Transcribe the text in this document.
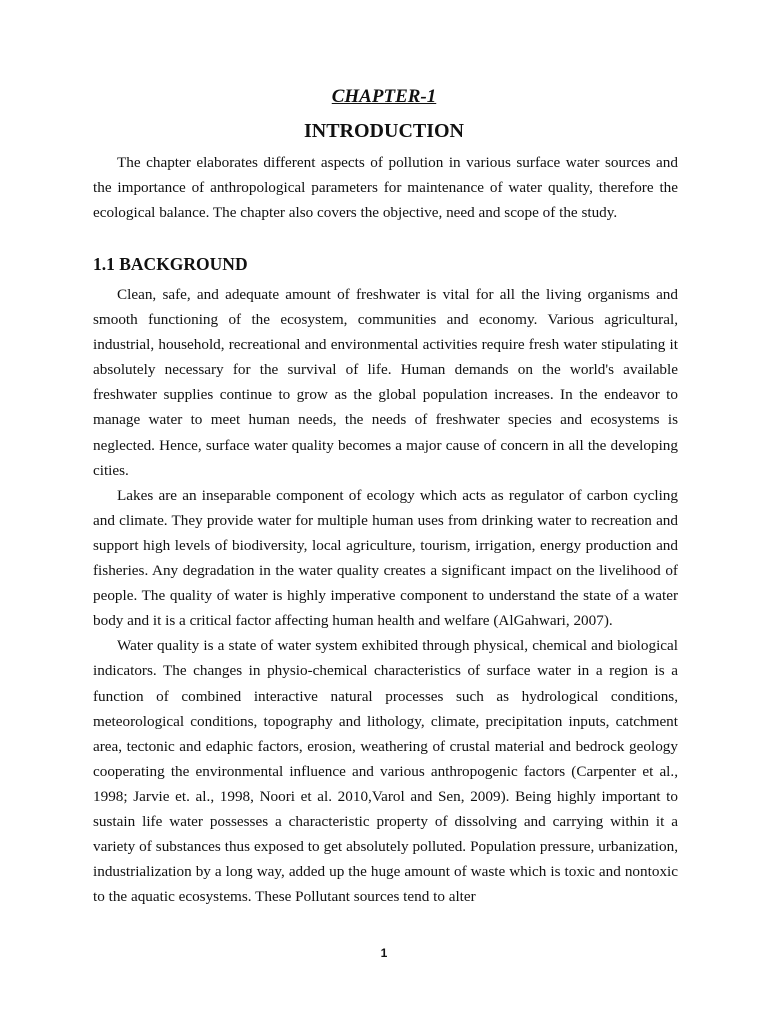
CHAPTER-1
INTRODUCTION

The chapter elaborates different aspects of pollution in various surface water sources and the importance of anthropological parameters for maintenance of water quality, therefore the ecological balance. The chapter also covers the objective, need and scope of the study.

1.1 BACKGROUND

Clean, safe, and adequate amount of freshwater is vital for all the living organisms and smooth functioning of the ecosystem, communities and economy. Various agricultural, industrial, household, recreational and environmental activities require fresh water stipulating it absolutely necessary for the survival of life. Human demands on the world's available freshwater supplies continue to grow as the global population increases. In the endeavor to manage water to meet human needs, the needs of freshwater species and ecosystems is neglected. Hence, surface water quality becomes a major cause of concern in all the developing cities.

Lakes are an inseparable component of ecology which acts as regulator of carbon cycling and climate. They provide water for multiple human uses from drinking water to recreation and support high levels of biodiversity, local agriculture, tourism, irrigation, energy production and fisheries. Any degradation in the water quality creates a significant impact on the livelihood of people. The quality of water is highly imperative component to understand the state of a water body and it is a critical factor affecting human health and welfare (AlGahwari, 2007).

Water quality is a state of water system exhibited through physical, chemical and biological indicators. The changes in physio-chemical characteristics of surface water in a region is a function of combined interactive natural processes such as hydrological conditions, meteorological conditions, topography and lithology, climate, precipitation inputs, catchment area, tectonic and edaphic factors, erosion, weathering of crustal material and bedrock geology cooperating the environmental influence and various anthropogenic factors (Carpenter et al., 1998; Jarvie et. al., 1998, Noori et al. 2010,Varol and Sen, 2009). Being highly important to sustain life water possesses a characteristic property of dissolving and carrying within it a variety of substances thus exposed to get absolutely polluted. Population pressure, urbanization, industrialization by a long way, added up the huge amount of waste which is toxic and nontoxic to the aquatic ecosystems. These Pollutant sources tend to alter

1
